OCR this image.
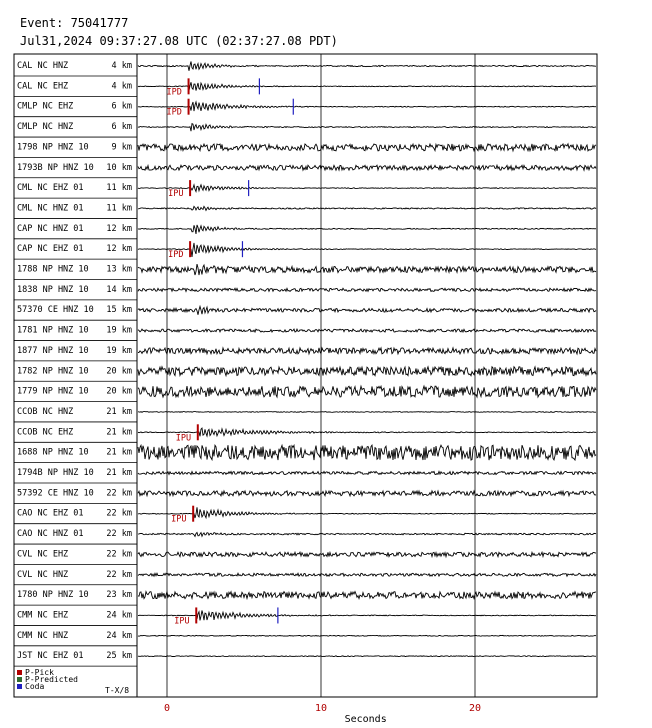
Event: 75041777
Jul31,2024 09:37:27.08 UTC (02:37:27.08 PDT)
CAL NC HNZ	4 km
CAL NC EHZ	4 km
IPD
CMLP NC EHZ	6 km
IPD
CMLP NC HNZ	6 km
1798 NP HNZ 10	9 km
1793B NP HNZ 10 10 km
CML NC EHZ 01	11 km
IPU
CML NC HNZ 01	11 km
CAP NC HNZ 01	12 km
CAP NC EHZ 01	12 km
IPD
1788 NP HNZ 10 13 km
1838 NP HNZ 10 14 km
57370 CE HNZ 10 15 km
1781 NP HNZ 10 19 km
1877 NP HNZ 10 19 km
1782 NP HNZ 10 20 km
1779 NP HNZ 10 20 km
CCOB NC HNZ	21 km
CCOB NC EHZ	21 km
IPU
1688 NP HNZ 10 21 km
1794B NP HNZ 10 21 km
57392 CE HNZ 10 22 km
CAO NC EHZ 01	22 km
IPU
CAO NC HNZ 01	22 km
CVL NC EHZ	22 km
CVL NC HNZ	22 km
1780 NP HNZ 10 23 km
CMM NC EHZ	24 km
IPU
CMM NC HNZ	24 km
JST NC EHZ 01	25 km
0	10	20
Seconds
P-Pick
P-Predicted
Coda	T-X/8
